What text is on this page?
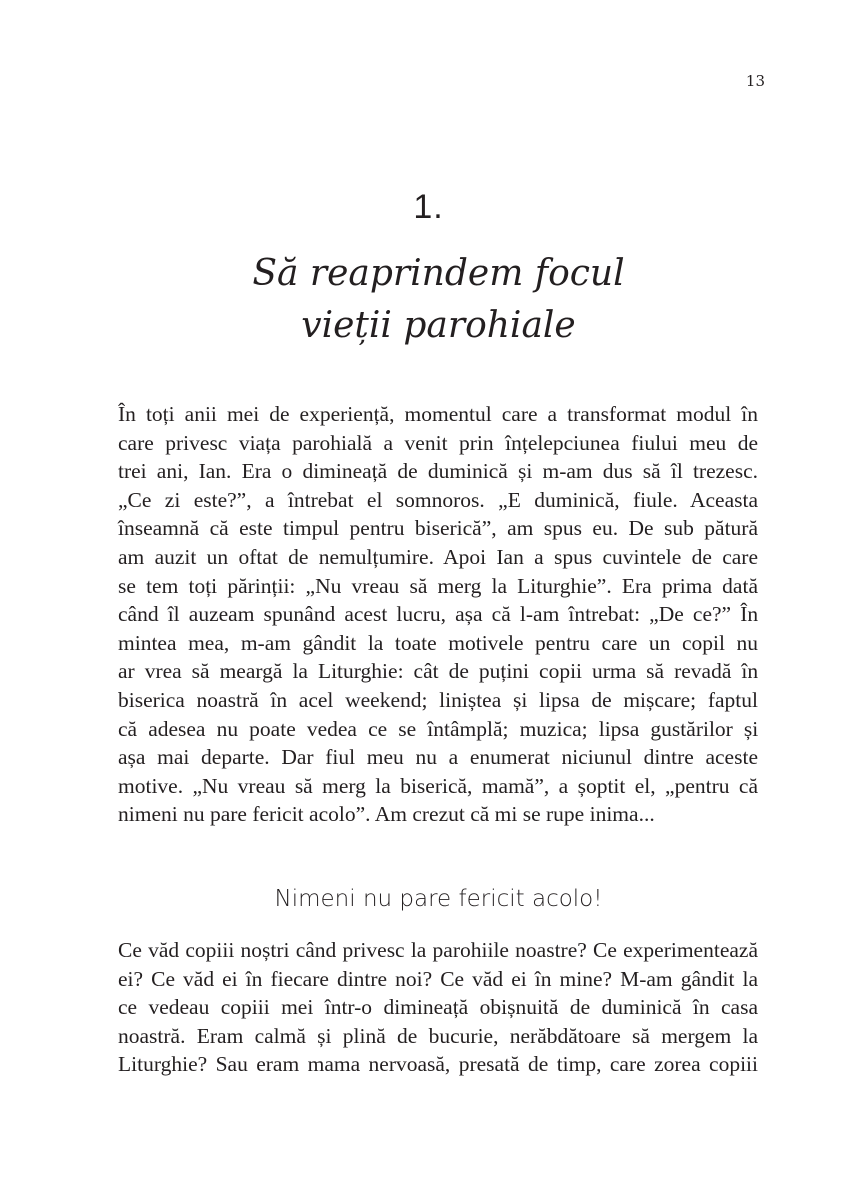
13
1.
Să reaprindem focul
vieții parohiale
În toți anii mei de experiență, momentul care a transformat modul în
care privesc viața parohială a venit prin înțelepciunea fiului meu de
trei ani, Ian. Era o dimineață de duminică și m-am dus să îl trezesc.
„Ce zi este?”, a întrebat el somnoros. „E duminică, fiule. Aceasta
înseamnă că este timpul pentru biserică”, am spus eu. De sub pătură
am auzit un oftat de nemulțumire. Apoi Ian a spus cuvintele de care
se tem toți părinții: „Nu vreau să merg la Liturghie”. Era prima dată
când îl auzeam spunând acest lucru, așa că l-am întrebat: „De ce?” În
mintea mea, m-am gândit la toate motivele pentru care un copil nu
ar vrea să meargă la Liturghie: cât de puțini copii urma să revadă în
biserica noastră în acel weekend; liniștea și lipsa de mișcare; faptul
că adesea nu poate vedea ce se întâmplă; muzica; lipsa gustărilor și
așa mai departe. Dar fiul meu nu a enumerat niciunul dintre aceste
motive. „Nu vreau să merg la biserică, mamă”, a șoptit el, „pentru că
nimeni nu pare fericit acolo”. Am crezut că mi se rupe inima...
Nimeni nu pare fericit acolo!
Ce văd copiii noștri când privesc la parohiile noastre? Ce experimentează
ei? Ce văd ei în fiecare dintre noi? Ce văd ei în mine? M-am gândit la
ce vedeau copiii mei într-o dimineață obișnuită de duminică în casa
noastră. Eram calmă și plină de bucurie, nerăbdătoare să mergem la
Liturghie? Sau eram mama nervoasă, presată de timp, care zorea copiii
